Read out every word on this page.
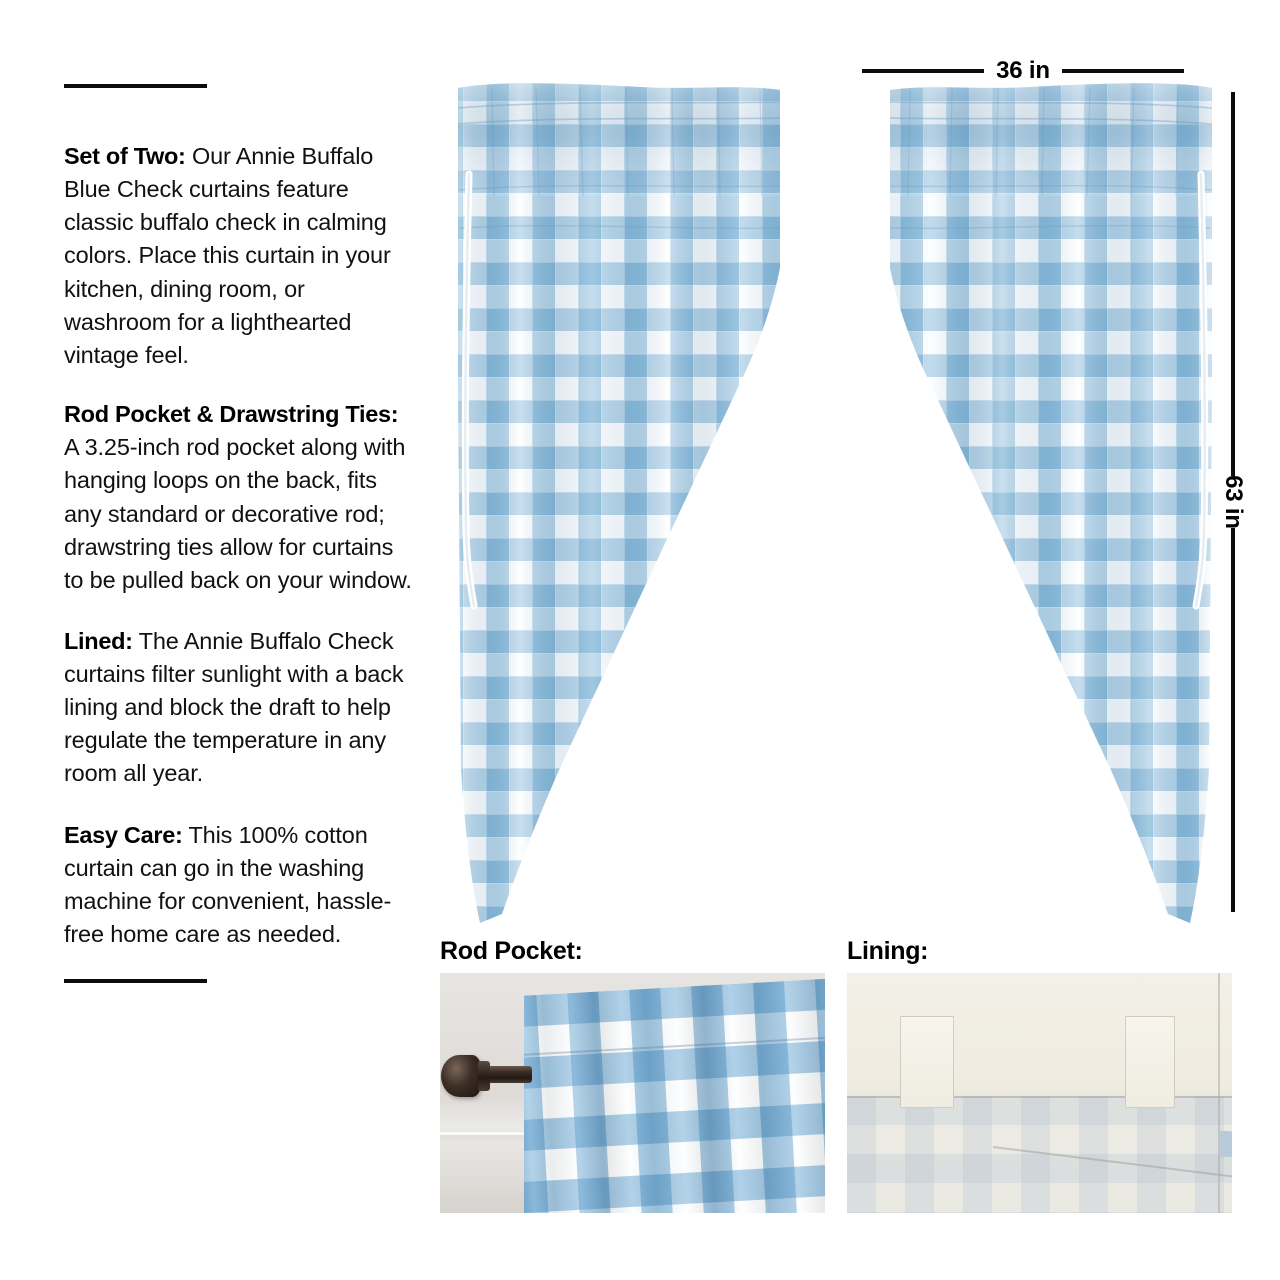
Set of Two: Our Annie Buffalo Blue Check curtains feature classic buffalo check in calming colors. Place this curtain in your kitchen, dining room, or washroom for a lighthearted vintage feel.

Rod Pocket & Drawstring Ties:

A 3.25-inch rod pocket along with hanging loops on the back, fits any standard or decorative rod; drawstring ties allow for curtains to be pulled back on your window.

Lined: The Annie Buffalo Check curtains filter sunlight with a back lining and block the draft to help regulate the temperature in any room all year.

Easy Care: This 100% cotton curtain can go in the washing machine for convenient, hassle-free home care as needed.

36 in
63 in
Rod Pocket:	Lining:
